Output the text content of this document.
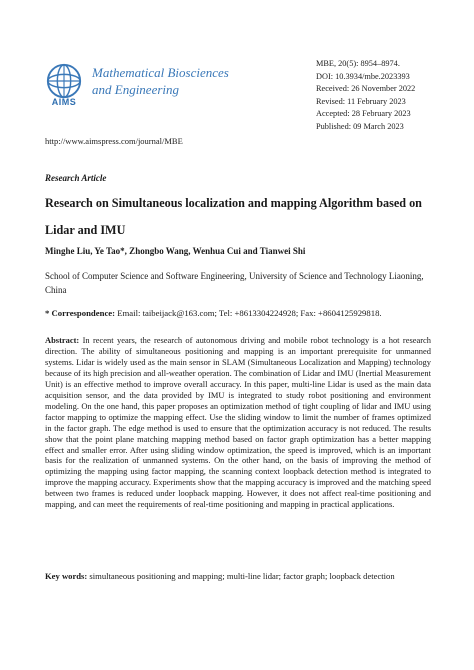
AIMS
Mathematical Biosciences
and Engineering
MBE, 20(5): 8954–8974.
DOI: 10.3934/mbe.2023393
Received: 26 November 2022
Revised: 11 February 2023
Accepted: 28 February 2023
Published: 09 March 2023
http://www.aimspress.com/journal/MBE
Research Article
Research on Simultaneous localization and mapping Algorithm based on Lidar and IMU
Minghe Liu, Ye Tao*, Zhongbo Wang, Wenhua Cui and Tianwei Shi
School of Computer Science and Software Engineering, University of Science and Technology Liaoning, China
* Correspondence: Email: taibeijack@163.com; Tel: +8613304224928; Fax: +8604125929818.
Abstract: In recent years, the research of autonomous driving and mobile robot technology is a hot research direction. The ability of simultaneous positioning and mapping is an important prerequisite for unmanned systems. Lidar is widely used as the main sensor in SLAM (Simultaneous Localization and Mapping) technology because of its high precision and all-weather operation. The combination of Lidar and IMU (Inertial Measurement Unit) is an effective method to improve overall accuracy. In this paper, multi-line Lidar is used as the main data acquisition sensor, and the data provided by IMU is integrated to study robot positioning and environment modeling. On the one hand, this paper proposes an optimization method of tight coupling of lidar and IMU using factor mapping to optimize the mapping effect. Use the sliding window to limit the number of frames optimized in the factor graph. The edge method is used to ensure that the optimization accuracy is not reduced. The results show that the point plane matching mapping method based on factor graph optimization has a better mapping effect and smaller error. After using sliding window optimization, the speed is improved, which is an important basis for the realization of unmanned systems. On the other hand, on the basis of improving the method of optimizing the mapping using factor mapping, the scanning context loopback detection method is integrated to improve the mapping accuracy. Experiments show that the mapping accuracy is improved and the matching speed between two frames is reduced under loopback mapping. However, it does not affect real-time positioning and mapping, and can meet the requirements of real-time positioning and mapping in practical applications.
Key words: simultaneous positioning and mapping; multi-line lidar; factor graph; loopback detection
